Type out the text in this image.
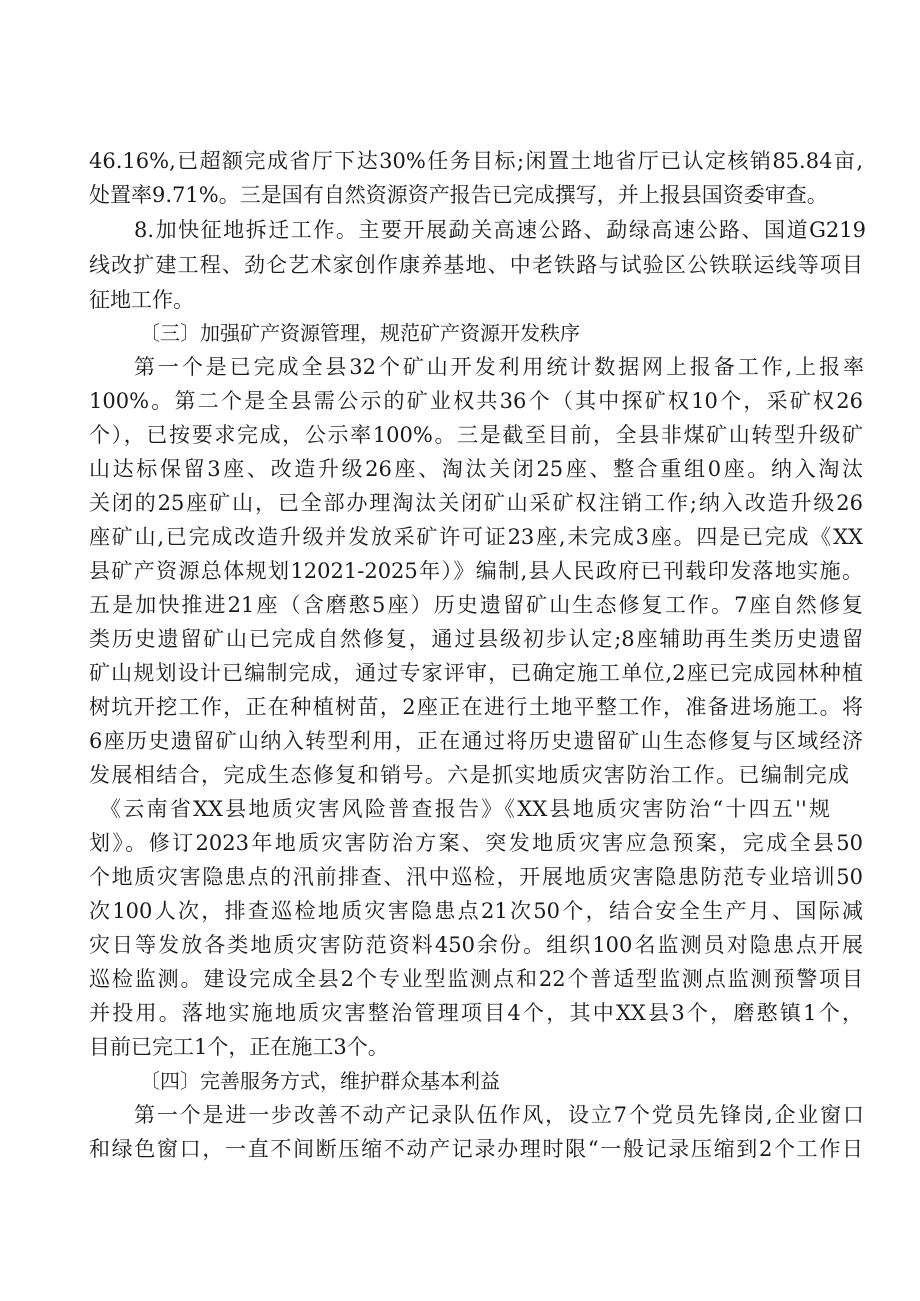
46.16%,已超额完成省厅下达30%任务目标;闲置土地省厅已认定核销85.84亩,
处置率9.71%。三是国有自然资源资产报告已完成撰写，并上报县国资委审查。
8.加快征地拆迁工作。主要开展勐关高速公路、勐绿高速公路、国道G219
线改扩建工程、劲仑艺术家创作康养基地、中老铁路与试验区公铁联运线等项目
征地工作。
〔三〕加强矿产资源管理，规范矿产资源开发秩序
第一个是已完成全县32个矿山开发利用统计数据网上报备工作,上报率
100%。第二个是全县需公示的矿业权共36个（其中探矿权10个，采矿权26
个），已按要求完成，公示率100%。三是截至目前，全县非煤矿山转型升级矿
山达标保留3座、改造升级26座、淘汰关闭25座、整合重组0座。纳入淘汰
关闭的25座矿山，已全部办理淘汰关闭矿山采矿权注销工作;纳入改造升级26
座矿山,已完成改造升级并发放采矿许可证23座,未完成3座。四是已完成《XX
县矿产资源总体规划12021-2025年）》编制,县人民政府已刊载印发落地实施。
五是加快推进21座（含磨憨5座）历史遗留矿山生态修复工作。7座自然修复
类历史遗留矿山已完成自然修复，通过县级初步认定;8座辅助再生类历史遗留
矿山规划设计已编制完成，通过专家评审，已确定施工单位,2座已完成园林种植
树坑开挖工作，正在种植树苗，2座正在进行土地平整工作，准备进场施工。将
6座历史遗留矿山纳入转型利用，正在通过将历史遗留矿山生态修复与区域经济
发展相结合，完成生态修复和销号。六是抓实地质灾害防治工作。已编制完成
《云南省XX县地质灾害风险普查报告》《XX县地质灾害防治“十四五''规
划》。修订2023年地质灾害防治方案、突发地质灾害应急预案，完成全县50
个地质灾害隐患点的汛前排查、汛中巡检，开展地质灾害隐患防范专业培训50
次100人次，排查巡检地质灾害隐患点21次50个，结合安全生产月、国际减
灾日等发放各类地质灾害防范资料450余份。组织100名监测员对隐患点开展
巡检监测。建设完成全县2个专业型监测点和22个普适型监测点监测预警项目
并投用。落地实施地质灾害整治管理项目4个，其中XX县3个，磨憨镇1个，
目前已完工1个，正在施工3个。
〔四〕完善服务方式，维护群众基本利益
第一个是进一步改善不动产记录队伍作风，设立7个党员先锋岗,企业窗口
和绿色窗口，一直不间断压缩不动产记录办理时限“一般记录压缩到2个工作日
